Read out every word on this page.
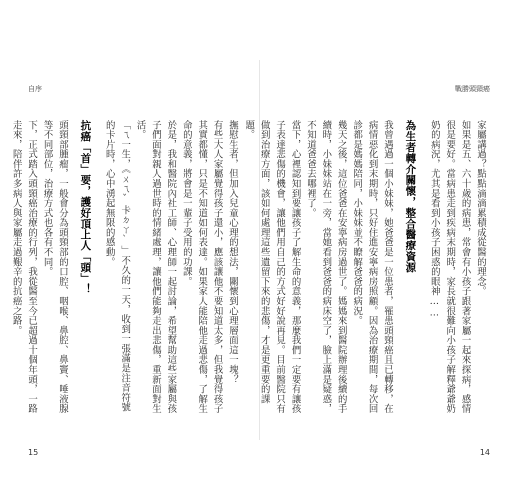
自序
撫慰生者，但加入兒童心理的想法，關懷到心理層面這一塊？
有些大人家屬覺得孩子還小，應該讓他不要知道太多，但我覺得孩子其實都懂，只是不知道如何表達。如果家人能陪他走過悲傷，了解生命的意義，將會是一輩子受用的功課。
於是，我和醫院內社工師、心理師一起討論，希望幫助這些家屬與孩子們面對親人過世時的情緒處理，讓他們能夠走出悲傷，重新面對生活。
「ㄟ一生，《ㄨㄟˇ卡ㄉㄚˋ」不久的一天，收到一張滿是注音符號的卡片時，心中湧起無限的感動。
抗癌「首」要，護好頂上人「頭」！
頭頸部腫瘤，一般會分為頭頸部的口腔、咽喉、鼻腔、鼻竇、唾液腺等不同部位，治療方式也各有不同。
下，正式踏入頭頸癌治療的行列，我從醫至今已超過十個年頭，一路走來，陪伴許多病人與家屬走過艱辛的抗癌之路。
15
戰勝頭頸癌
家屬講過？點點滴滴累積成從醫的理念。
如果是五、六十歲的病患，常會有小孩子跟著家屬一起來探病，感情很是要好。當病患走到疾病末期時，家長就很難向小孩子解釋爺爺奶奶的病況，尤其是看到小孩子困惑的眼神……
為生者轉介關懷，整合醫療資源
我曾遇過一個小妹妹，她爸爸是一位患者，罹患頭頸癌且已轉移，在病情惡化到末期時，只好住進安寧病房照顧。因為治療期間，每次回診都是媽媽陪同，小妹妹並不瞭解爸爸的病況。
幾天之後，這位爸爸在安寧病房過世了。媽媽來到醫院辦理後續的手續時，小妹妹站在一旁，當她看到爸爸的病床空了，臉上滿是疑惑，不知道爸爸去哪裡了。
當下，心裡認知到要讓孩子了解生命的意義，那麼我們一定要有讓孩子表達悲傷的機會，讓他們用自己的方式好好說再見。目前醫院只有做到治療方面，該如何處理這些遺留下來的悲傷，才是更重要的課題。
14
